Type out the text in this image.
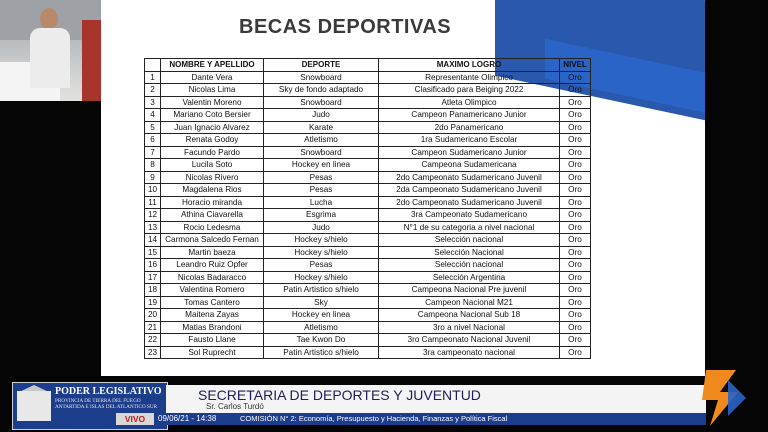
BECAS DEPORTIVAS
	NOMBRE Y APELLIDO	DEPORTE	MAXIMO LOGRO	NIVEL
1	Dante Vera	Snowboard	Representante Olimpico	Oro
2	Nicolas Lima	Sky de fondo adaptado	Clasificado para Beiging 2022	Oro
3	Valentin Moreno	Snowboard	Atleta Olimpico	Oro
4	Mariano Coto Bersier	Judo	Campeon Panamericano Junior	Oro
5	Juan Ignacio Alvarez	Karate	2do Panamericano	Oro
6	Renata Godoy	Atletismo	1ra Sudamericano Escolar	Oro
7	Facundo Pardo	Snowboard	Campeon Sudamericano Junior	Oro
8	Lucila Soto	Hockey en linea	Campeona Sudamericana	Oro
9	Nicolas Rivero	Pesas	2do Campeonato Sudamericano Juvenil	Oro
10	Magdalena Rios	Pesas	2da Campeonato Sudamericano Juvenil	Oro
11	Horacio miranda	Lucha	2do Campeonato Sudamericano Juvenil	Oro
12	Athina Ciavarella	Esgrima	3ra Campeonato Sudamericano	Oro
13	Rocio Ledesma	Judo	N°1 de su categoria a nivel nacional	Oro
14	Carmona Salcedo Fernan	Hockey s/hielo	Selección nacional	Oro
15	Martin baeza	Hockey s/hielo	Selección Nacional	Oro
16	Leandro Ruiz Opfer	Pesas	Selección nacional	Oro
17	Nicolas Badaracco	Hockey s/hielo	Selección Argentina	Oro
18	Valentina Romero	Patin Artistico s/hielo	Campeona Nacional Pre juvenil	Oro
19	Tomas Cantero	Sky	Campeon Nacional M21	Oro
20	Maitena Zayas	Hockey en linea	Campeona Nacional Sub 18	Oro
21	Matias Brandoni	Atletismo	3ro a nivel Nacional	Oro
22	Fausto Llane	Tae Kwon Do	3ro Campeonato Nacional Juvenil	Oro
23	Sol Ruprecht	Patin Artistico s/hielo	3ra campeonato nacional	Oro
PODER LEGISLATIVO
PROVINCIA DE TIERRA DEL FUEGO ANTARTIDA E ISLAS DEL ATLANTICO SUR
SECRETARIA DE DEPORTES Y JUVENTUD
Sr. Carlos Turdó
VIVO	09/06/21 - 14:38	COMISIÓN N° 2: Economía, Presupuesto y Hacienda, Finanzas y Política Fiscal
